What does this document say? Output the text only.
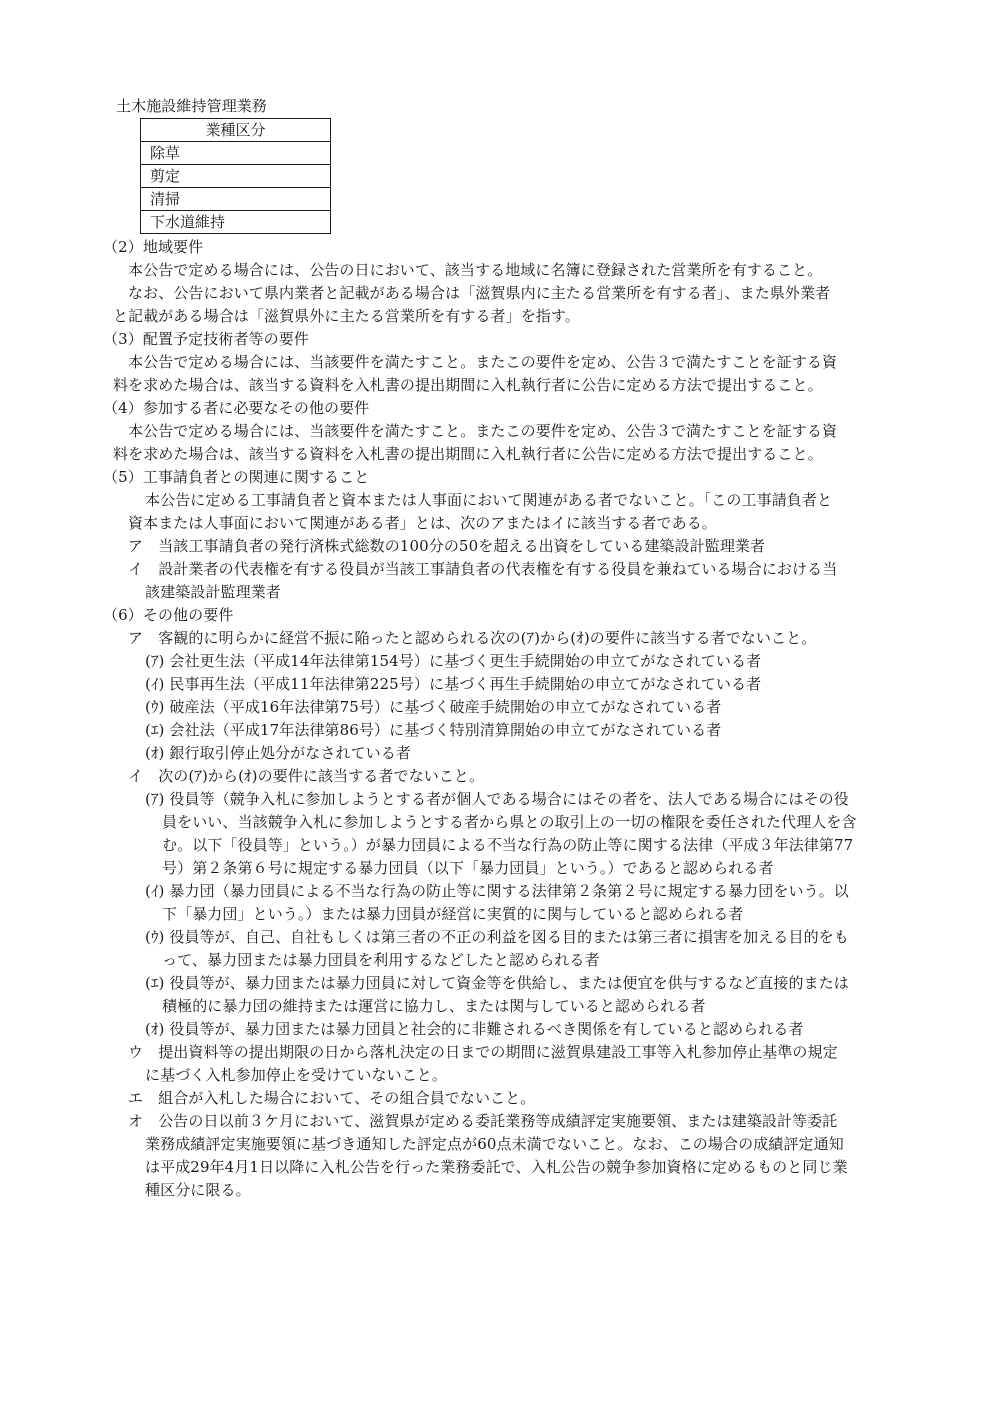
土木施設維持管理業務
業種区分
除草
剪定
清掃
下水道維持
（2）地域要件
本公告で定める場合には、公告の日において、該当する地域に名簿に登録された営業所を有すること。
なお、公告において県内業者と記載がある場合は「滋賀県内に主たる営業所を有する者」、また県外業者
と記載がある場合は「滋賀県外に主たる営業所を有する者」を指す。
（3）配置予定技術者等の要件
本公告で定める場合には、当該要件を満たすこと。またこの要件を定め、公告３で満たすことを証する資
料を求めた場合は、該当する資料を入札書の提出期間に入札執行者に公告に定める方法で提出すること。
（4）参加する者に必要なその他の要件
本公告で定める場合には、当該要件を満たすこと。またこの要件を定め、公告３で満たすことを証する資
料を求めた場合は、該当する資料を入札書の提出期間に入札執行者に公告に定める方法で提出すること。
（5）工事請負者との関連に関すること
本公告に定める工事請負者と資本または人事面において関連がある者でないこと。「この工事請負者と
資本または人事面において関連がある者」とは、次のアまたはイに該当する者である。
ア　当該工事請負者の発行済株式総数の100分の50を超える出資をしている建築設計監理業者
イ　設計業者の代表権を有する役員が当該工事請負者の代表権を有する役員を兼ねている場合における当
該建築設計監理業者
（6）その他の要件
ア　客観的に明らかに経営不振に陥ったと認められる次の(ｱ)から(ｵ)の要件に該当する者でないこと。
(ｱ) 会社更生法（平成14年法律第154号）に基づく更生手続開始の申立てがなされている者
(ｲ) 民事再生法（平成11年法律第225号）に基づく再生手続開始の申立てがなされている者
(ｳ) 破産法（平成16年法律第75号）に基づく破産手続開始の申立てがなされている者
(ｴ) 会社法（平成17年法律第86号）に基づく特別清算開始の申立てがなされている者
(ｵ) 銀行取引停止処分がなされている者
イ　次の(ｱ)から(ｵ)の要件に該当する者でないこと。
(ｱ) 役員等（競争入札に参加しようとする者が個人である場合にはその者を、法人である場合にはその役
員をいい、当該競争入札に参加しようとする者から県との取引上の一切の権限を委任された代理人を含
む。以下「役員等」という。）が暴力団員による不当な行為の防止等に関する法律（平成３年法律第77
号）第２条第６号に規定する暴力団員（以下「暴力団員」という。）であると認められる者
(ｲ) 暴力団（暴力団員による不当な行為の防止等に関する法律第２条第２号に規定する暴力団をいう。以
下「暴力団」という。）または暴力団員が経営に実質的に関与していると認められる者
(ｳ) 役員等が、自己、自社もしくは第三者の不正の利益を図る目的または第三者に損害を加える目的をも
って、暴力団または暴力団員を利用するなどしたと認められる者
(ｴ) 役員等が、暴力団または暴力団員に対して資金等を供給し、または便宜を供与するなど直接的または
積極的に暴力団の維持または運営に協力し、または関与していると認められる者
(ｵ) 役員等が、暴力団または暴力団員と社会的に非難されるべき関係を有していると認められる者
ウ　提出資料等の提出期限の日から落札決定の日までの期間に滋賀県建設工事等入札参加停止基準の規定
に基づく入札参加停止を受けていないこと。
エ　組合が入札した場合において、その組合員でないこと。
オ　公告の日以前３ケ月において、滋賀県が定める委託業務等成績評定実施要領、または建築設計等委託
業務成績評定実施要領に基づき通知した評定点が60点未満でないこと。なお、この場合の成績評定通知
は平成29年4月1日以降に入札公告を行った業務委託で、入札公告の競争参加資格に定めるものと同じ業
種区分に限る。
